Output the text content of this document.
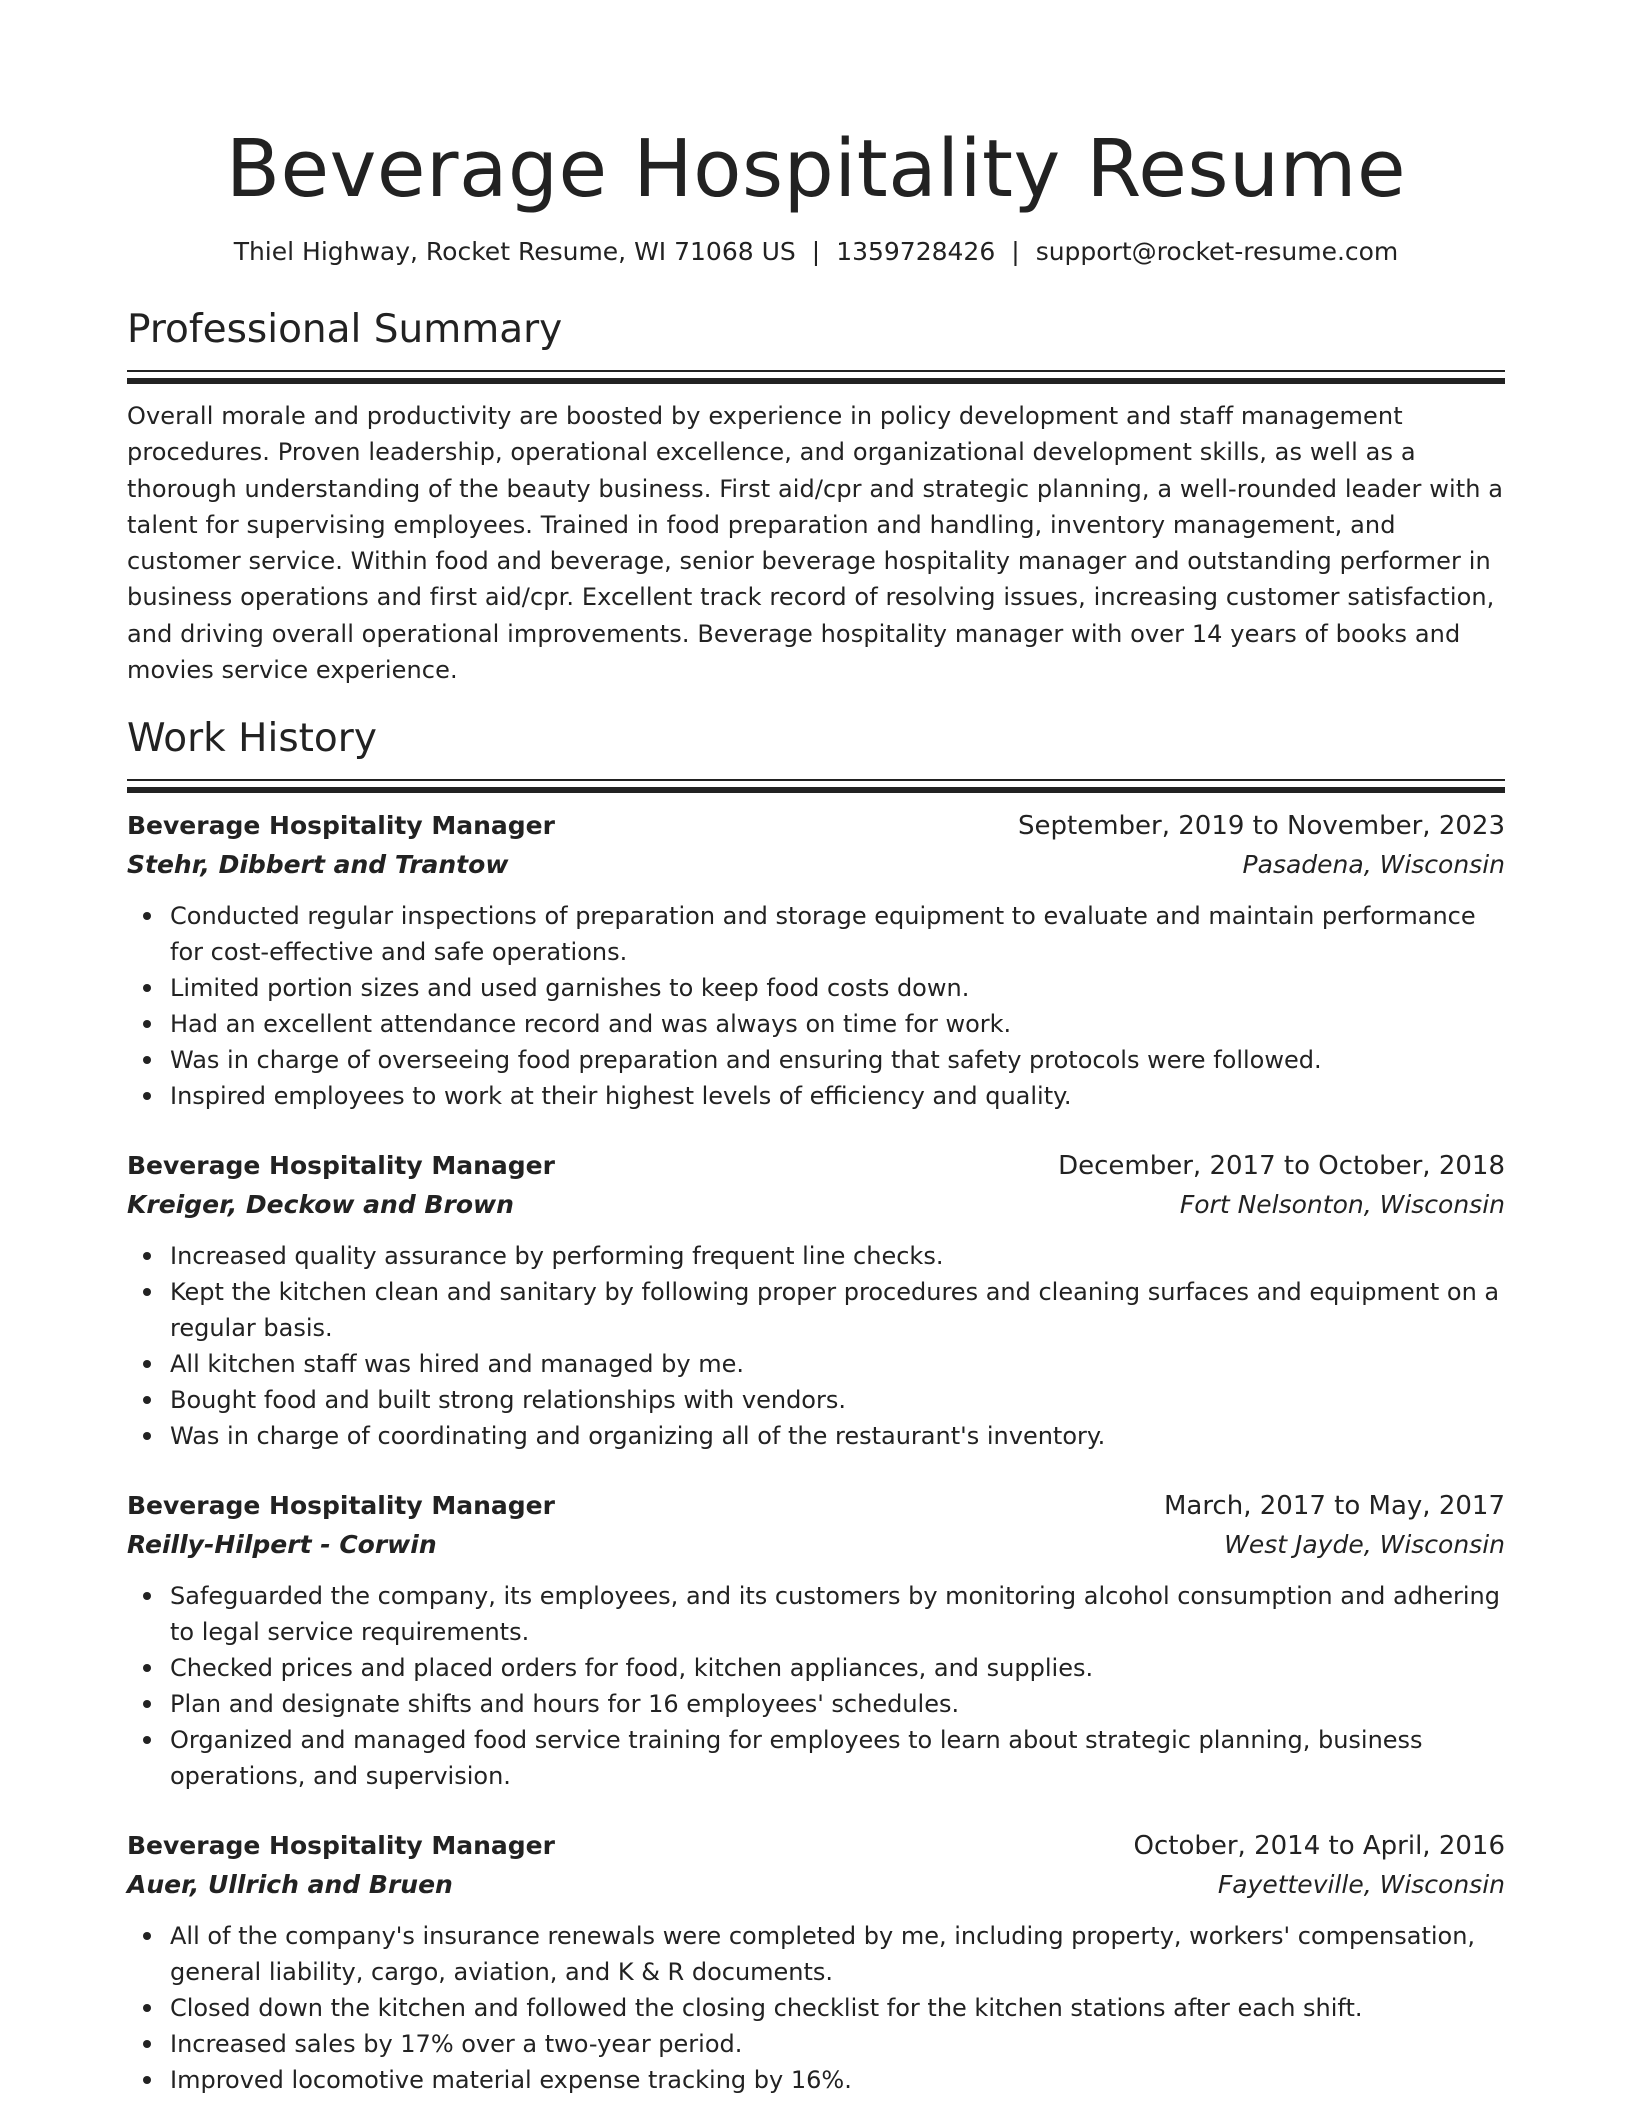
Beverage Hospitality Resume
Thiel Highway, Rocket Resume, WI 71068 US | 1359728426 | support@rocket-resume.com
Professional Summary

Overall morale and productivity are boosted by experience in policy development and staff management procedures. Proven leadership, operational excellence, and organizational development skills, as well as a thorough understanding of the beauty business. First aid/cpr and strategic planning, a well-rounded leader with a talent for supervising employees. Trained in food preparation and handling, inventory management, and customer service. Within food and beverage, senior beverage hospitality manager and outstanding performer in business operations and first aid/cpr. Excellent track record of resolving issues, increasing customer satisfaction, and driving overall operational improvements. Beverage hospitality manager with over 14 years of books and movies service experience.

Work History
Beverage Hospitality Manager	September, 2019 to November, 2023
Stehr, Dibbert and Trantow	Pasadena, Wisconsin
Conducted regular inspections of preparation and storage equipment to evaluate and maintain performance for cost-effective and safe operations.
Limited portion sizes and used garnishes to keep food costs down.
Had an excellent attendance record and was always on time for work.
Was in charge of overseeing food preparation and ensuring that safety protocols were followed.
Inspired employees to work at their highest levels of efficiency and quality.
Beverage Hospitality Manager	December, 2017 to October, 2018
Kreiger, Deckow and Brown	Fort Nelsonton, Wisconsin
Increased quality assurance by performing frequent line checks.
Kept the kitchen clean and sanitary by following proper procedures and cleaning surfaces and equipment on a regular basis.
All kitchen staff was hired and managed by me.
Bought food and built strong relationships with vendors.
Was in charge of coordinating and organizing all of the restaurant's inventory.
Beverage Hospitality Manager	March, 2017 to May, 2017
Reilly-Hilpert - Corwin	West Jayde, Wisconsin
Safeguarded the company, its employees, and its customers by monitoring alcohol consumption and adhering to legal service requirements.
Checked prices and placed orders for food, kitchen appliances, and supplies.
Plan and designate shifts and hours for 16 employees' schedules.
Organized and managed food service training for employees to learn about strategic planning, business operations, and supervision.
Beverage Hospitality Manager	October, 2014 to April, 2016
Auer, Ullrich and Bruen	Fayetteville, Wisconsin
All of the company's insurance renewals were completed by me, including property, workers' compensation, general liability, cargo, aviation, and K & R documents.
Closed down the kitchen and followed the closing checklist for the kitchen stations after each shift.
Increased sales by 17% over a two-year period.
Improved locomotive material expense tracking by 16%.
